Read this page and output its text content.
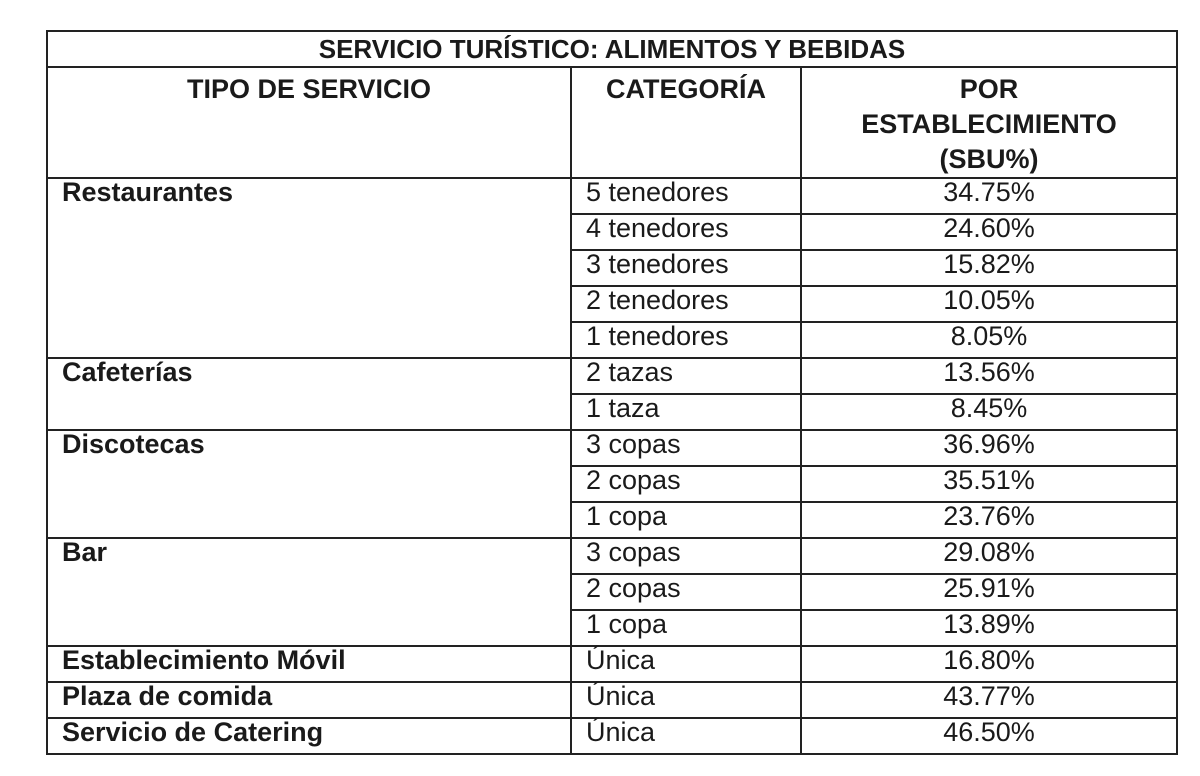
SERVICIO TURÍSTICO: ALIMENTOS Y BEBIDAS		
TIPO DE SERVICIO	CATEGORÍA	POR
ESTABLECIMIENTO
(SBU%)

Restaurantes	5 tenedores	34.75%
	4 tenedores	24.60%
	3 tenedores	15.82%
	2 tenedores	10.05%
	1 tenedores	8.05%
Cafeterías	2 tazas	13.56%
	1 taza	8.45%
Discotecas	3 copas	36.96%
	2 copas	35.51%
	1 copa	23.76%
Bar	3 copas	29.08%
	2 copas	25.91%
	1 copa	13.89%
Establecimiento Móvil	Única	16.80%
Plaza de comida	Única	43.77%
Servicio de Catering	Única	46.50%
